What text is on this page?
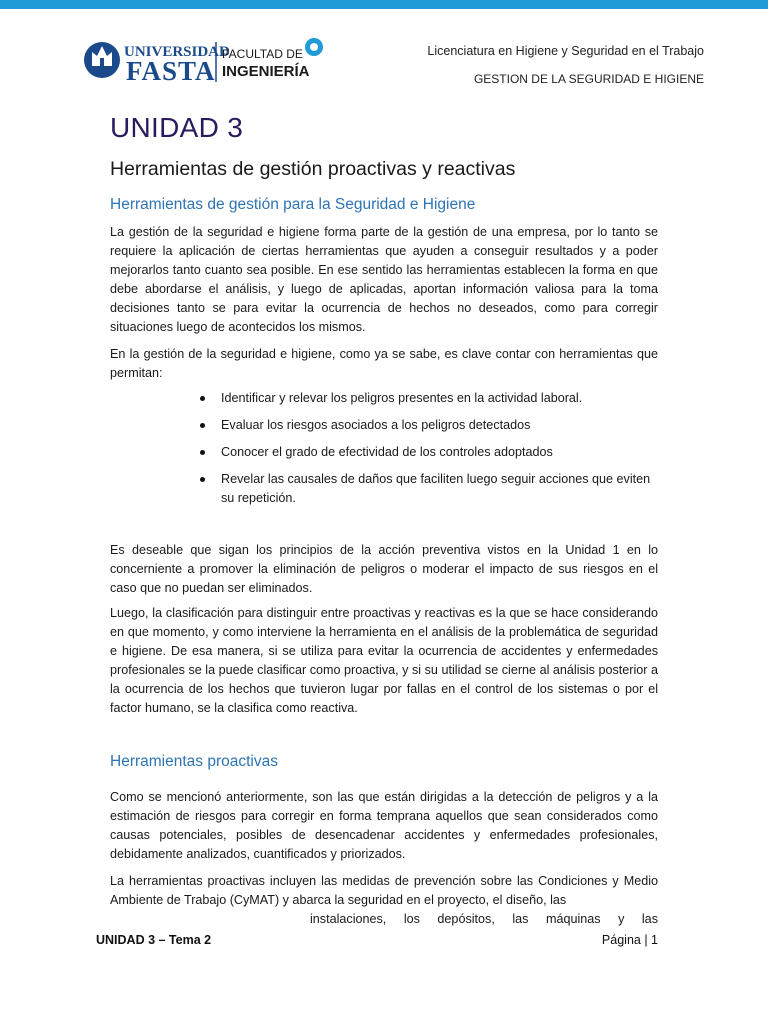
UNIVERSIDAD
FASTA
FACULTAD DE
INGENIERÍA
Licenciatura en Higiene y Seguridad en el Trabajo
GESTION DE LA SEGURIDAD E HIGIENE
UNIDAD 3
Herramientas de gestión proactivas y reactivas
Herramientas de gestión para la Seguridad e Higiene

La gestión de la seguridad e higiene forma parte de la gestión de una empresa, por lo tanto se requiere la aplicación de ciertas herramientas que ayuden a conseguir resultados y a poder mejorarlos tanto cuanto sea posible. En ese sentido las herramientas establecen la forma en que debe abordarse el análisis, y luego de aplicadas, aportan información valiosa para la toma decisiones tanto se para evitar la ocurrencia de hechos no deseados, como para corregir situaciones luego de acontecidos los mismos.

En la gestión de la seguridad e higiene, como ya se sabe, es clave contar con herramientas que permitan:

Identificar y relevar los peligros presentes en la actividad laboral.
Evaluar los riesgos asociados a los peligros detectados
Conocer el grado de efectividad de los controles adoptados
Revelar las causales de daños que faciliten luego seguir acciones que eviten su repetición.

Es deseable que sigan los principios de la acción preventiva vistos en la Unidad 1 en lo concerniente a promover la eliminación de peligros o moderar el impacto de sus riesgos en el caso que no puedan ser eliminados.

Luego, la clasificación para distinguir entre proactivas y reactivas es la que se hace considerando en que momento, y como interviene la herramienta en el análisis de la problemática de seguridad e higiene. De esa manera, si se utiliza para evitar la ocurrencia de accidentes y enfermedades profesionales se la puede clasificar como proactiva, y si su utilidad se cierne al análisis posterior a la ocurrencia de los hechos que tuvieron lugar por fallas en el control de los sistemas o por el factor humano, se la clasifica como reactiva.

Herramientas proactivas

Como se mencionó anteriormente, son las que están dirigidas a la detección de peligros y a la estimación de riesgos para corregir en forma temprana aquellos que sean considerados como causas potenciales, posibles de desencadenar accidentes y enfermedades profesionales, debidamente analizados, cuantificados y priorizados.

La herramientas proactivas incluyen las medidas de prevención sobre las Condiciones y Medio Ambiente de Trabajo (CyMAT) y abarca la seguridad en el proyecto, el diseño, las
instalaciones, los depósitos, las máquinas y las

UNIDAD 3 – Tema 2	Página | 1
